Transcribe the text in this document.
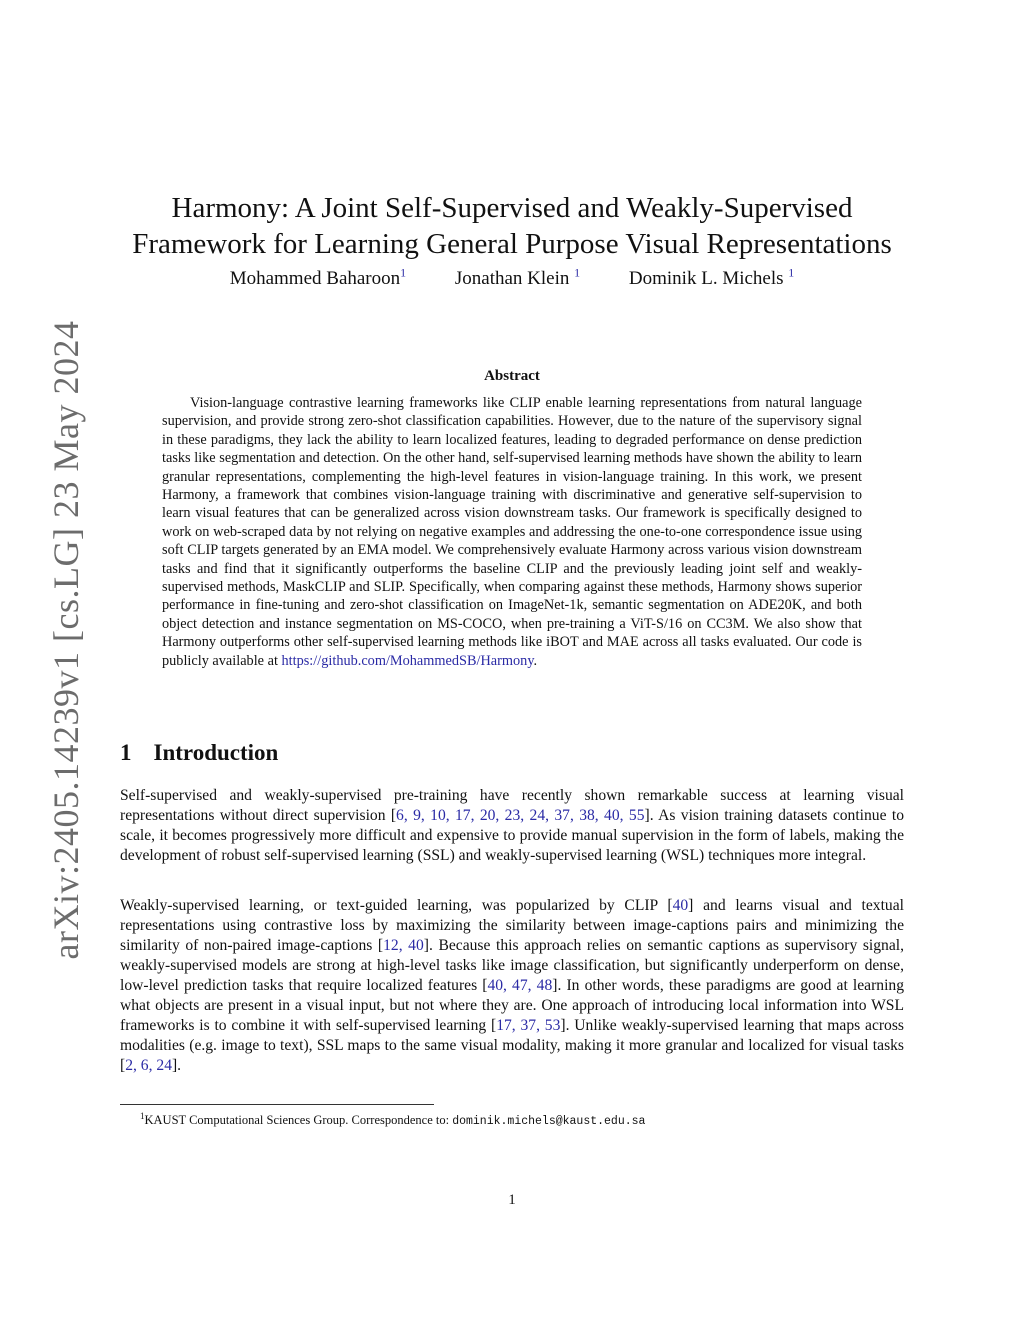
arXiv:2405.14239v1 [cs.LG] 23 May 2024
Harmony: A Joint Self-Supervised and Weakly-Supervised
Framework for Learning General Purpose Visual Representations
Mohammed Baharoon$^1$	Jonathan Klein $^1$	Dominik L. Michels $^1$
Abstract

Vision-language contrastive learning frameworks like CLIP enable learning representations from natural language supervision, and provide strong zero-shot classification capabilities. However, due to the nature of the supervisory signal in these paradigms, they lack the ability to learn localized features, leading to degraded performance on dense prediction tasks like segmentation and detection. On the other hand, self-supervised learning methods have shown the ability to learn granular representations, complementing the high-level features in vision-language training. In this work, we present Harmony, a framework that combines vision-language training with discriminative and generative self-supervision to learn visual features that can be generalized across vision downstream tasks. Our framework is specifically designed to work on web-scraped data by not relying on negative examples and addressing the one-to-one correspondence issue using soft CLIP targets generated by an EMA model. We comprehensively evaluate Harmony across various vision downstream tasks and find that it significantly outperforms the baseline CLIP and the previously leading joint self and weakly-supervised methods, MaskCLIP and SLIP. Specifically, when comparing against these methods, Harmony shows superior performance in fine-tuning and zero-shot classification on ImageNet-1k, semantic segmentation on ADE20K, and both object detection and instance segmentation on MS-COCO, when pre-training a ViT-S/16 on CC3M. We also show that Harmony outperforms other self-supervised learning methods like iBOT and MAE across all tasks evaluated. Our code is publicly available at https://github.com/MohammedSB/Harmony.

1 Introduction

Self-supervised and weakly-supervised pre-training have recently shown remarkable success at learning visual representations without direct supervision [6, 9, 10, 17, 20, 23, 24, 37, 38, 40, 55]. As vision training datasets continue to scale, it becomes progressively more difficult and expensive to provide manual supervision in the form of labels, making the development of robust self-supervised learning (SSL) and weakly-supervised learning (WSL) techniques more integral.

Weakly-supervised learning, or text-guided learning, was popularized by CLIP [40] and learns visual and textual representations using contrastive loss by maximizing the similarity between image-captions pairs and minimizing the similarity of non-paired image-captions [12, 40]. Because this approach relies on semantic captions as supervisory signal, weakly-supervised models are strong at high-level tasks like image classification, but significantly underperform on dense, low-level prediction tasks that require localized features [40, 47, 48]. In other words, these paradigms are good at learning what objects are present in a visual input, but not where they are. One approach of introducing local information into WSL frameworks is to combine it with self-supervised learning [17, 37, 53]. Unlike weakly-supervised learning that maps across modalities (e.g. image to text), SSL maps to the same visual modality, making it more granular and localized for visual tasks [2, 6, 24].

$^1$KAUST Computational Sciences Group. Correspondence to: dominik.michels@kaust.edu.sa
1
